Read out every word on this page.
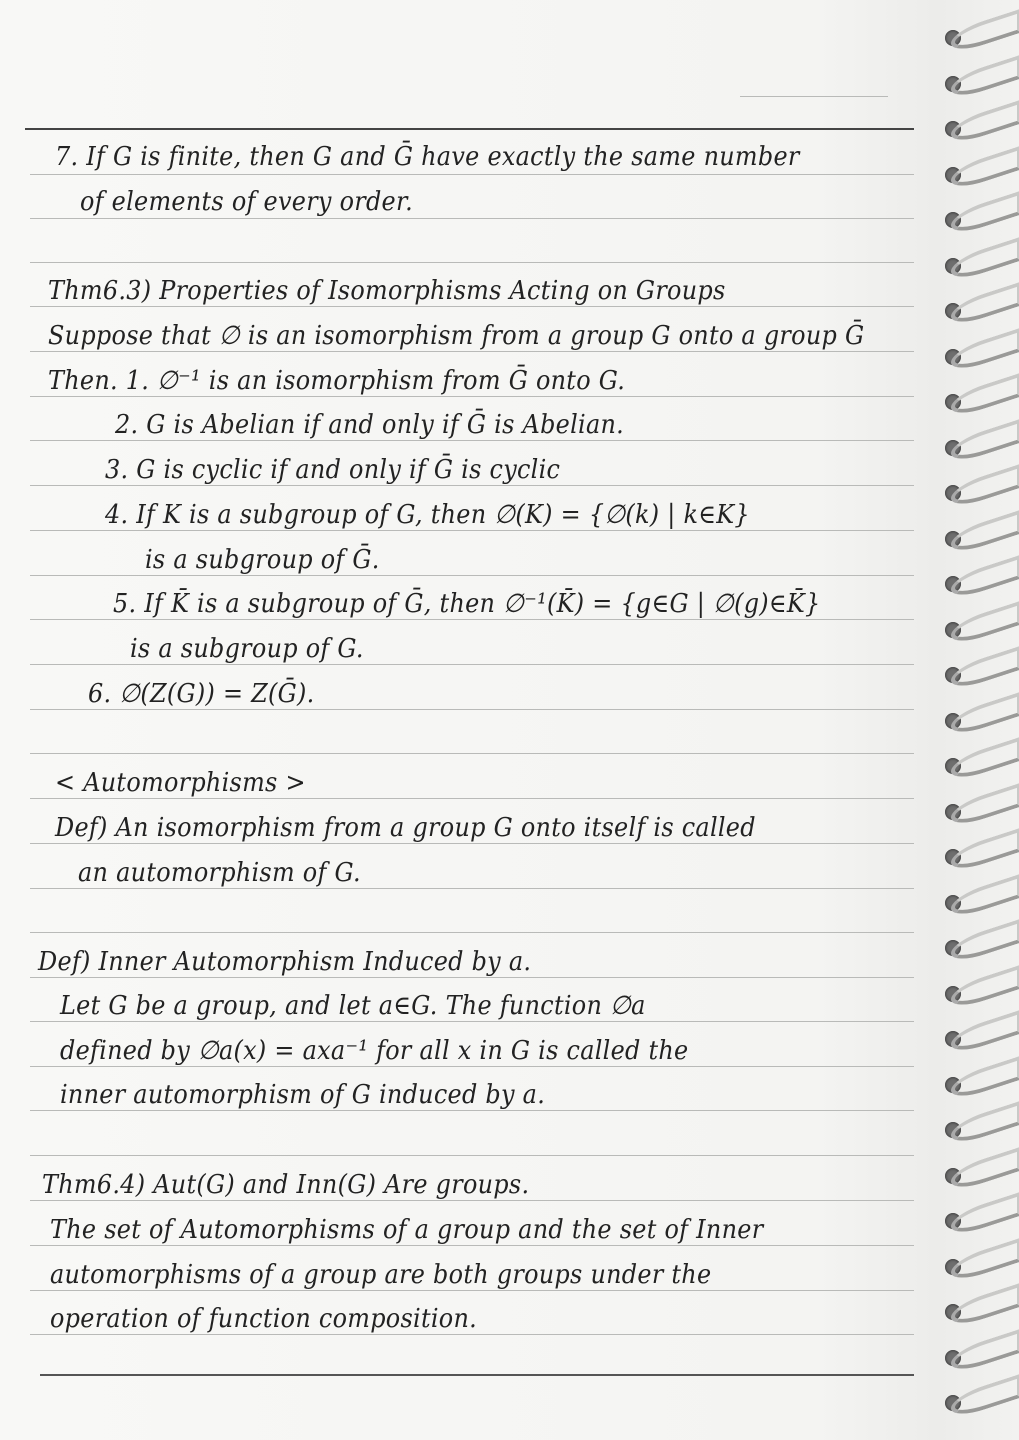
7. If G is finite, then G and Ḡ have exactly the same number
of elements of every order.
Thm6.3) Properties of Isomorphisms Acting on Groups
Suppose that ∅ is an isomorphism from a group G onto a group Ḡ
Then. 1. ∅⁻¹ is an isomorphism from Ḡ onto G.
2. G is Abelian if and only if Ḡ is Abelian.
3. G is cyclic if and only if Ḡ is cyclic
4. If K is a subgroup of G, then ∅(K) = {∅(k) | k∈K}
is a subgroup of Ḡ.
5. If K̄ is a subgroup of Ḡ, then ∅⁻¹(K̄) = {g∈G | ∅(g)∈K̄}
is a subgroup of G.
6. ∅(Z(G)) = Z(Ḡ).
< Automorphisms >
Def) An isomorphism from a group G onto itself is called
an automorphism of G.
Def) Inner Automorphism Induced by a.
Let G be a group, and let a∈G. The function ∅a
defined by ∅a(x) = axa⁻¹ for all x in G is called the
inner automorphism of G induced by a.
Thm6.4) Aut(G) and Inn(G) Are groups.
The set of Automorphisms of a group and the set of Inner
automorphisms of a group are both groups under the
operation of function composition.
